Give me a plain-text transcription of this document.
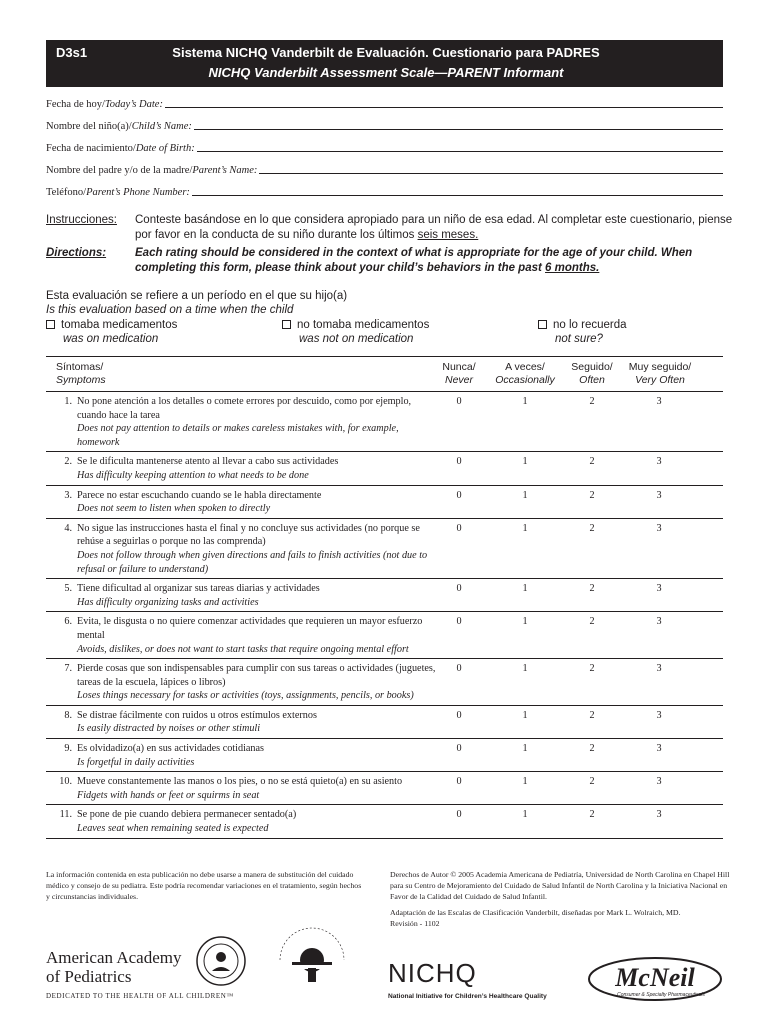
D3s1	Sistema NICHQ Vanderbilt de Evaluación. Cuestionario para PADRES
NICHQ Vanderbilt Assessment Scale—PARENT Informant
Fecha de hoy/Today’s Date:
Nombre del niño(a)/Child’s Name:
Fecha de nacimiento/Date of Birth:
Nombre del padre y/o de la madre/Parent’s Name:
Teléfono/Parent’s Phone Number:
Instrucciones: Conteste basándose en lo que considera apropiado para un niño de esa edad. Al completar este cuestionario, piense por favor en la conducta de su niño durante los últimos seis meses.
Directions:	Each rating should be considered in the context of what is appropriate for the age of your child. When completing this form, please think about your child’s behaviors in the past 6 months.
Esta evaluación se refiere a un período en el que su hijo(a)
Is this evaluation based on a time when the child
tomaba medicamentos
was on medication
no tomaba medicamentos
was not on medication
no lo recuerda
not sure?
Síntomas/
Symptoms
Nunca/
Never
A veces/
Occasionally
Seguido/
Often
Muy seguido/
Very Often
1. No pone atención a los detalles o comete errores por descuido, como por ejemplo, cuando hace la tarea
Does not pay attention to details or makes careless mistakes with, for example, homework
0	1	2	3
2. Se le dificulta mantenerse atento al llevar a cabo sus actividades
Has difficulty keeping attention to what needs to be done
0	1	2	3
3. Parece no estar escuchando cuando se le habla directamente
Does not seem to listen when spoken to directly
0	1	2	3
4. No sigue las instrucciones hasta el final y no concluye sus actividades (no porque se rehúse a seguirlas o porque no las comprenda)
Does not follow through when given directions and fails to finish activities (not due to refusal or failure to understand)
0	1	2	3
5. Tiene dificultad al organizar sus tareas diarias y actividades
Has difficulty organizing tasks and activities
0	1	2	3
6. Evita, le disgusta o no quiere comenzar actividades que requieren un mayor esfuerzo mental
Avoids, dislikes, or does not want to start tasks that require ongoing mental effort
0	1	2	3
7. Pierde cosas que son indispensables para cumplir con sus tareas o actividades (juguetes, tareas de la escuela, lápices o libros)
Loses things necessary for tasks or activities (toys, assignments, pencils, or books)
0	1	2	3
8. Se distrae fácilmente con ruidos u otros estímulos externos
Is easily distracted by noises or other stimuli
0	1	2	3
9. Es olvidadizo(a) en sus actividades cotidianas
Is forgetful in daily activities
0	1	2	3
10. Mueve constantemente las manos o los pies, o no se está quieto(a) en su asiento
Fidgets with hands or feet or squirms in seat
0	1	2	3
11. Se pone de pie cuando debiera permanecer sentado(a)
Leaves seat when remaining seated is expected
0	1	2	3
La información contenida en esta publicación no debe usarse a manera de substitución del cuidado médico y consejo de su pediatra. Este podría recomendar variaciones en el tratamiento, según hechos y circunstancias individuales.
Derechos de Autor © 2005 Academia Americana de Pediatría, Universidad de North Carolina en Chapel Hill para su Centro de Mejoramiento del Cuidado de Salud Infantil de North Carolina y la Iniciativa Nacional en Favor de la Calidad del Cuidado de Salud Infantil.
Adaptación de las Escalas de Clasificación Vanderbilt, diseñadas por Mark L. Wolraich, MD.
Revisión - 1102
American Academy
of Pediatrics
DEDICATED TO THE HEALTH OF ALL CHILDREN™
NICHQ
National Initiative for Children’s Healthcare Quality
McNeil
Consumer & Specialty Pharmaceuticals
